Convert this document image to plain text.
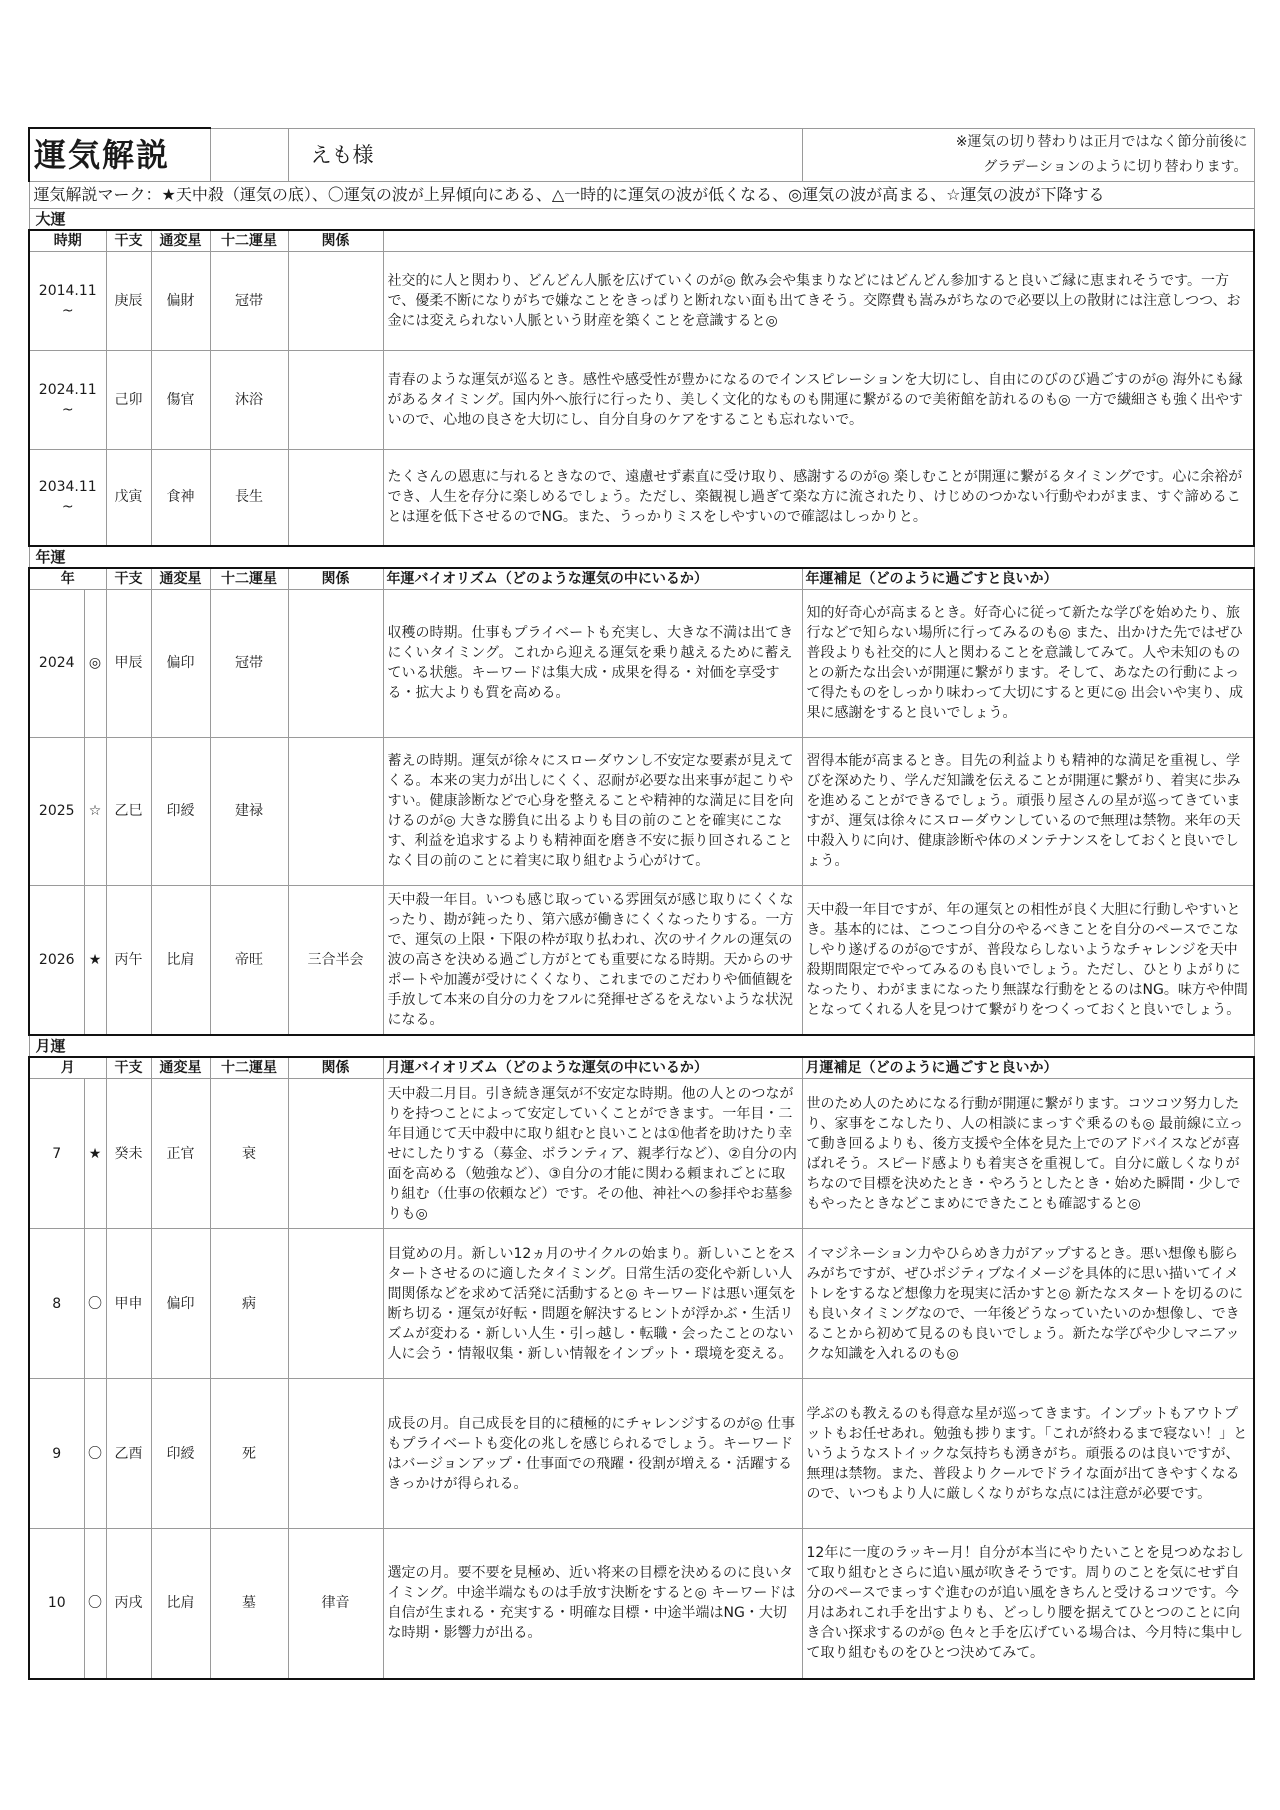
運気解説					えも様		※運気の切り替わりは正月ではなく節分前後に
グラデーションのように切り替わります。

運気解説マーク：★天中殺（運気の底）、〇運気の波が上昇傾向にある、△一時的に運気の波が低くなる、◎運気の波が高まる、☆運気の波が下降する							
大運							
時期		干支	通変星	十二運星	関係		
2014.11~		庚辰	偏財	冠帯		社交的に人と関わり、どんどん人脈を広げていくのが◎ 飲み会や集まりなどにはどんどん参加すると良いご縁に恵まれそうです。一方で、優柔不断になりがちで嫌なことをきっぱりと断れない面も出てきそう。交際費も嵩みがちなので必要以上の散財には注意しつつ、お金には変えられない人脈という財産を築くことを意識すると◎	
2024.11~		己卯	傷官	沐浴		青春のような運気が巡るとき。感性や感受性が豊かになるのでインスピレーションを大切にし、自由にのびのび過ごすのが◎ 海外にも縁があるタイミング。国内外へ旅行に行ったり、美しく文化的なものも開運に繋がるので美術館を訪れるのも◎ 一方で繊細さも強く出やすいので、心地の良さを大切にし、自分自身のケアをすることも忘れないで。	
2034.11~		戊寅	食神	長生		たくさんの恩恵に与れるときなので、遠慮せず素直に受け取り、感謝するのが◎ 楽しむことが開運に繋がるタイミングです。心に余裕ができ、人生を存分に楽しめるでしょう。ただし、楽観視し過ぎて楽な方に流されたり、けじめのつかない行動やわがまま、すぐ諦めることは運を低下させるのでNG。また、うっかりミスをしやすいので確認はしっかりと。	
年運							
年		干支	通変星	十二運星	関係	年運バイオリズム（どのような運気の中にいるか）	年運補足（どのように過ごすと良いか）
2024	◎	甲辰	偏印	冠帯		収穫の時期。仕事もプライベートも充実し、大きな不満は出てきにくいタイミング。これから迎える運気を乗り越えるために蓄えている状態。キーワードは集大成・成果を得る・対価を享受する・拡大よりも質を高める。	知的好奇心が高まるとき。好奇心に従って新たな学びを始めたり、旅行などで知らない場所に行ってみるのも◎ また、出かけた先ではぜひ普段よりも社交的に人と関わることを意識してみて。人や未知のものとの新たな出会いが開運に繋がります。そして、あなたの行動によって得たものをしっかり味わって大切にすると更に◎ 出会いや実り、成果に感謝をすると良いでしょう。
2025	☆	乙巳	印綬	建禄		蓄えの時期。運気が徐々にスローダウンし不安定な要素が見えてくる。本来の実力が出しにくく、忍耐が必要な出来事が起こりやすい。健康診断などで心身を整えることや精神的な満足に目を向けるのが◎ 大きな勝負に出るよりも目の前のことを確実にこなす、利益を追求するよりも精神面を磨き不安に振り回されることなく目の前のことに着実に取り組むよう心がけて。	習得本能が高まるとき。目先の利益よりも精神的な満足を重視し、学びを深めたり、学んだ知識を伝えることが開運に繋がり、着実に歩みを進めることができるでしょう。頑張り屋さんの星が巡ってきていますが、運気は徐々にスローダウンしているので無理は禁物。来年の天中殺入りに向け、健康診断や体のメンテナンスをしておくと良いでしょう。
2026	★	丙午	比肩	帝旺	三合半会	天中殺一年目。いつも感じ取っている雰囲気が感じ取りにくくなったり、勘が鈍ったり、第六感が働きにくくなったりする。一方で、運気の上限・下限の枠が取り払われ、次のサイクルの運気の波の高さを決める過ごし方がとても重要になる時期。天からのサポートや加護が受けにくくなり、これまでのこだわりや価値観を手放して本来の自分の力をフルに発揮せざるをえないような状況になる。	天中殺一年目ですが、年の運気との相性が良く大胆に行動しやすいとき。基本的には、こつこつ自分のやるべきことを自分のペースでこなしやり遂げるのが◎ですが、普段ならしないようなチャレンジを天中殺期間限定でやってみるのも良いでしょう。ただし、ひとりよがりになったり、わがままになったり無謀な行動をとるのはNG。味方や仲間となってくれる人を見つけて繋がりをつくっておくと良いでしょう。
月運							
月		干支	通変星	十二運星	関係	月運バイオリズム（どのような運気の中にいるか）	月運補足（どのように過ごすと良いか）
7	★	癸未	正官	衰		天中殺二月目。引き続き運気が不安定な時期。他の人とのつながりを持つことによって安定していくことができます。一年目・二年目通じて天中殺中に取り組むと良いことは①他者を助けたり幸せにしたりする（募金、ボランティア、親孝行など）、②自分の内面を高める（勉強など）、③自分の才能に関わる頼まれごとに取り組む（仕事の依頼など）です。その他、神社への参拝やお墓参りも◎	世のため人のためになる行動が開運に繋がります。コツコツ努力したり、家事をこなしたり、人の相談にまっすぐ乗るのも◎ 最前線に立って動き回るよりも、後方支援や全体を見た上でのアドバイスなどが喜ばれそう。スピード感よりも着実さを重視して。自分に厳しくなりがちなので目標を決めたとき・やろうとしたとき・始めた瞬間・少しでもやったときなどこまめにできたことも確認すると◎
8	〇	甲申	偏印	病		目覚めの月。新しい12ヵ月のサイクルの始まり。新しいことをスタートさせるのに適したタイミング。日常生活の変化や新しい人間関係などを求めて活発に活動すると◎ キーワードは悪い運気を断ち切る・運気が好転・問題を解決するヒントが浮かぶ・生活リズムが変わる・新しい人生・引っ越し・転職・会ったことのない人に会う・情報収集・新しい情報をインプット・環境を変える。	イマジネーション力やひらめき力がアップするとき。悪い想像も膨らみがちですが、ぜひポジティブなイメージを具体的に思い描いてイメトレをするなど想像力を現実に活かすと◎ 新たなスタートを切るのにも良いタイミングなので、一年後どうなっていたいのか想像し、できることから初めて見るのも良いでしょう。新たな学びや少しマニアックな知識を入れるのも◎
9	〇	乙酉	印綬	死		成長の月。自己成長を目的に積極的にチャレンジするのが◎ 仕事もプライベートも変化の兆しを感じられるでしょう。キーワードはバージョンアップ・仕事面での飛躍・役割が増える・活躍するきっかけが得られる。	学ぶのも教えるのも得意な星が巡ってきます。インプットもアウトプットもお任せあれ。勉強も捗ります。「これが終わるまで寝ない！」というようなストイックな気持ちも湧きがち。頑張るのは良いですが、無理は禁物。また、普段よりクールでドライな面が出てきやすくなるので、いつもより人に厳しくなりがちな点には注意が必要です。
10	〇	丙戌	比肩	墓	律音	選定の月。要不要を見極め、近い将来の目標を決めるのに良いタイミング。中途半端なものは手放す決断をすると◎ キーワードは自信が生まれる・充実する・明確な目標・中途半端はNG・大切な時期・影響力が出る。	12年に一度のラッキー月！自分が本当にやりたいことを見つめなおして取り組むとさらに追い風が吹きそうです。周りのことを気にせず自分のペースでまっすぐ進むのが追い風をきちんと受けるコツです。今月はあれこれ手を出すよりも、どっしり腰を据えてひとつのことに向き合い探求するのが◎ 色々と手を広げている場合は、今月特に集中して取り組むものをひとつ決めてみて。
